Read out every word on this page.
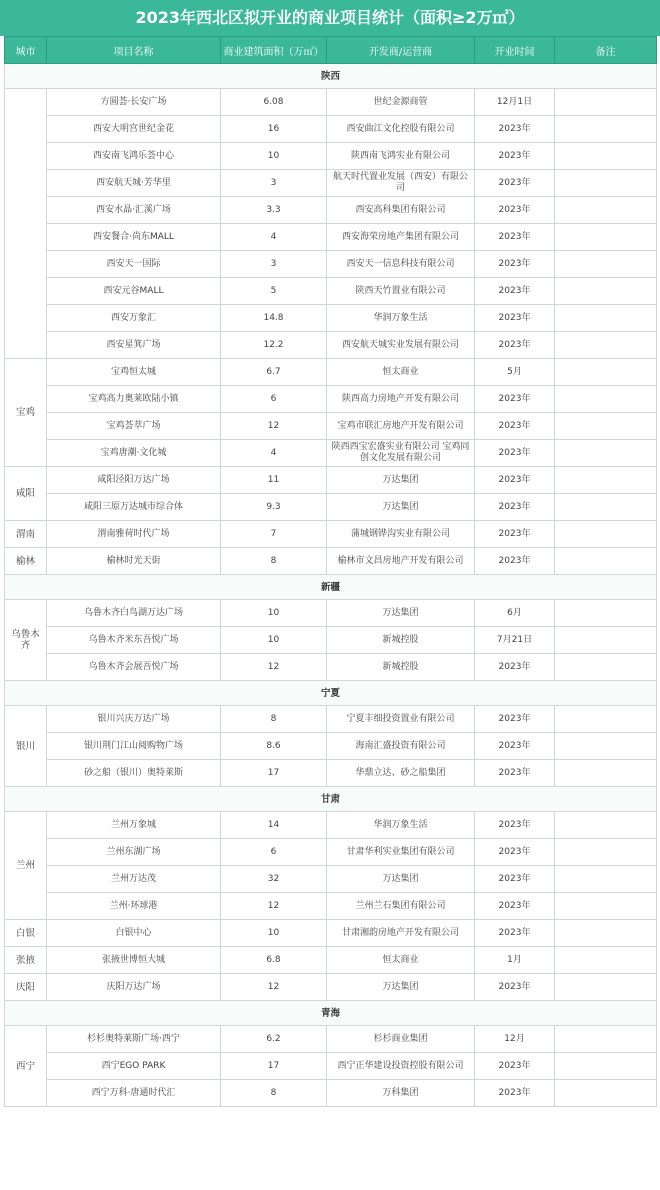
2023年西北区拟开业的商业项目统计（面积≥2万㎡）
城市	项目名称	商业建筑面积（万㎡）	开发商/运营商	开业时间	备注
陕西					
	方圆荟·长安广场	6.08	世纪金源商管	12月1日	
	西安大明宫世纪金花	16	西安曲江文化控股有限公司	2023年	
	西安南飞鸿乐荟中心	10	陕西南飞鸿实业有限公司	2023年	
	西安航天城·芳华里	3	航天时代置业发展（西安）有限公司	2023年	
	西安水晶·汇溪广场	3.3	西安高科集团有限公司	2023年	
	西安餐合·尚东MALL	4	西安海荣房地产集团有限公司	2023年	
	西安天一国际	3	西安天一信息科技有限公司	2023年	
	西安元谷MALL	5	陕西天竹置业有限公司	2023年	
	西安万象汇	14.8	华润万象生活	2023年	
	西安星箕广场	12.2	西安航天城实业发展有限公司	2023年	
宝鸡	宝鸡恒太城	6.7	恒太商业	5月	
	宝鸡高力奥莱欧陆小镇	6	陕西高力房地产开发有限公司	2023年	
	宝鸡荟萃广场	12	宝鸡市联汇房地产开发有限公司	2023年	
	宝鸡唐潮·文化城	4	陕西西宝宏盛实业有限公司 宝鸡同创文化发展有限公司	2023年	
咸阳	咸阳泾阳万达广场	11	万达集团	2023年	
	咸阳三原万达城市综合体	9.3	万达集团	2023年	
渭南	渭南雅荷时代广场	7	蒲城钢铧沟实业有限公司	2023年	
榆林	榆林时光天街	8	榆林市文昌房地产开发有限公司	2023年	
新疆					
乌鲁木齐	乌鲁木齐白鸟湖万达广场	10	万达集团	6月	
	乌鲁木齐米东吾悦广场	10	新城控股	7月21日	
	乌鲁木齐会展吾悦广场	12	新城控股	2023年	
宁夏					
银川	银川兴庆万达广场	8	宁夏丰细投资置业有限公司	2023年	
	银川荆门江山阅购物广场	8.6	海南汇盛投资有限公司	2023年	
	砂之船（银川）奥特莱斯	17	华鼎立达、砂之船集团	2023年	
甘肃					
兰州	兰州万象城	14	华润万象生活	2023年	
	兰州东湖广场	6	甘肃华利实业集团有限公司	2023年	
	兰州万达茂	32	万达集团	2023年	
	兰州·环球港	12	兰州兰石集团有限公司	2023年	
白银	白银中心	10	甘肃湘韵房地产开发有限公司	2023年	
张掖	张掖世博恒大城	6.8	恒太商业	1月	
庆阳	庆阳万达广场	12	万达集团	2023年	
青海					
西宁	杉杉奥特莱斯广场·西宁	6.2	杉杉商业集团	12月	
	西宁EGO PARK	17	西宁正华建设投资控股有限公司	2023年	
	西宁万科·唐通时代汇	8	万科集团	2023年	
